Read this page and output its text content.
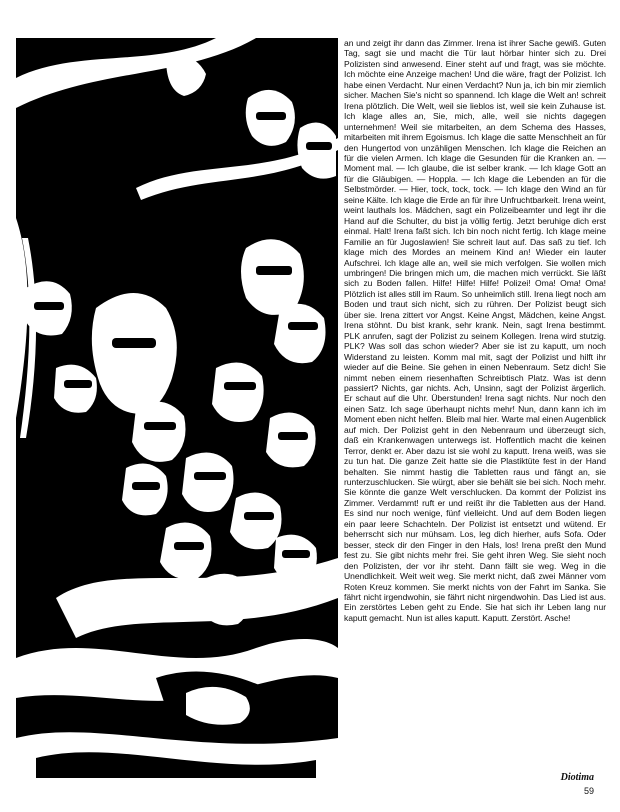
an und zeigt ihr dann das Zimmer. Irena ist ihrer Sache gewiß. Guten Tag, sagt sie und macht die Tür laut hörbar hinter sich zu. Drei Polizisten sind anwesend. Einer steht auf und fragt, was sie möchte. Ich möchte eine Anzeige machen! Und die wäre, fragt der Polizist. Ich habe einen Verdacht. Nur einen Verdacht? Nun ja, ich bin mir ziemlich sicher. Machen Sie's nicht so spannend. Ich klage die Welt an! schreit Irena plötzlich. Die Welt, weil sie lieblos ist, weil sie kein Zuhause ist. Ich klage alles an, Sie, mich, alle, weil sie nichts dagegen unternehmen! Weil sie mitarbeiten, an dem Schema des Hasses, mitarbeiten mit ihrem Egoismus. Ich klage die satte Menschheit an für den Hungertod von unzähligen Menschen. Ich klage die Reichen an für die vielen Armen. Ich klage die Gesunden für die Kranken an. — Moment mal. — Ich glaube, die ist selber krank. — Ich klage Gott an für die Gläubigen. — Hoppla. — Ich klage die Lebenden an für die Selbstmörder. — Hier, tock, tock, tock. — Ich klage den Wind an für seine Kälte. Ich klage die Erde an für ihre Unfruchtbarkeit. Irena weint, weint lauthals los. Mädchen, sagt ein Polizeibeamter und legt ihr die Hand auf die Schulter, du bist ja völlig fertig. Jetzt beruhige dich erst einmal. Halt! Irena faßt sich. Ich bin noch nicht fertig. Ich klage meine Familie an für Jugoslawien! Sie schreit laut auf. Das saß zu tief. Ich klage mich des Mordes an meinem Kind an! Wieder ein lauter Aufschrei. Ich klage alle an, weil sie mich verfolgen. Sie wollen mich umbringen! Die bringen mich um, die machen mich verrückt. Sie läßt sich zu Boden fallen. Hilfe! Hilfe! Hilfe! Polizei! Oma! Oma! Oma! Plötzlich ist alles still im Raum. So unheimlich still. Irena liegt noch am Boden und traut sich nicht, sich zu rühren. Der Polizist beugt sich über sie. Irena zittert vor Angst. Keine Angst, Mädchen, keine Angst. Irena stöhnt. Du bist krank, sehr krank. Nein, sagt Irena bestimmt. PLK anrufen, sagt der Polizist zu seinem Kollegen. Irena wird stutzig. PLK? Was soll das schon wieder? Aber sie ist zu kaputt, um noch Widerstand zu leisten. Komm mal mit, sagt der Polizist und hilft ihr wieder auf die Beine. Sie gehen in einen Nebenraum. Setz dich! Sie nimmt neben einem riesenhaften Schreibtisch Platz. Was ist denn passiert? Nichts, gar nichts. Ach, Unsinn, sagt der Polizist ärgerlich. Er schaut auf die Uhr. Überstunden! Irena sagt nichts. Nur noch den einen Satz. Ich sage überhaupt nichts mehr! Nun, dann kann ich im Moment eben nicht helfen. Bleib mal hier. Warte mal einen Augenblick auf mich. Der Polizist geht in den Nebenraum und überzeugt sich, daß ein Krankenwagen unterwegs ist. Hoffentlich macht die keinen Terror, denkt er. Aber dazu ist sie wohl zu kaputt. Irena weiß, was sie zu tun hat. Die ganze Zeit hatte sie die Plastiktüte fest in der Hand behalten. Sie nimmt hastig die Tabletten raus und fängt an, sie runterzuschlucken. Sie würgt, aber sie behält sie bei sich. Noch mehr. Sie könnte die ganze Welt verschlucken. Da kommt der Polizist ins Zimmer. Verdammt! ruft er und reißt ihr die Tabletten aus der Hand. Es sind nur noch wenige, fünf vielleicht. Und auf dem Boden liegen ein paar leere Schachteln. Der Polizist ist entsetzt und wütend. Er beherrscht sich nur mühsam. Los, leg dich hierher, aufs Sofa. Oder besser, steck dir den Finger in den Hals, los! Irena preßt den Mund fest zu. Sie gibt nichts mehr frei. Sie geht ihren Weg. Sie sieht noch den Polizisten, der vor ihr steht. Dann fällt sie weg. Weg in die Unendlichkeit. Weit weit weg. Sie merkt nicht, daß zwei Männer vom Roten Kreuz kommen. Sie merkt nichts von der Fahrt im Sanka. Sie fährt nicht irgendwohin, sie fährt nicht nirgendwohin. Das Lied ist aus. Ein zerstörtes Leben geht zu Ende. Sie hat sich ihr Leben lang nur kaputt gemacht. Nun ist alles kaputt. Kaputt. Zerstört. Asche!

Diotima
59
